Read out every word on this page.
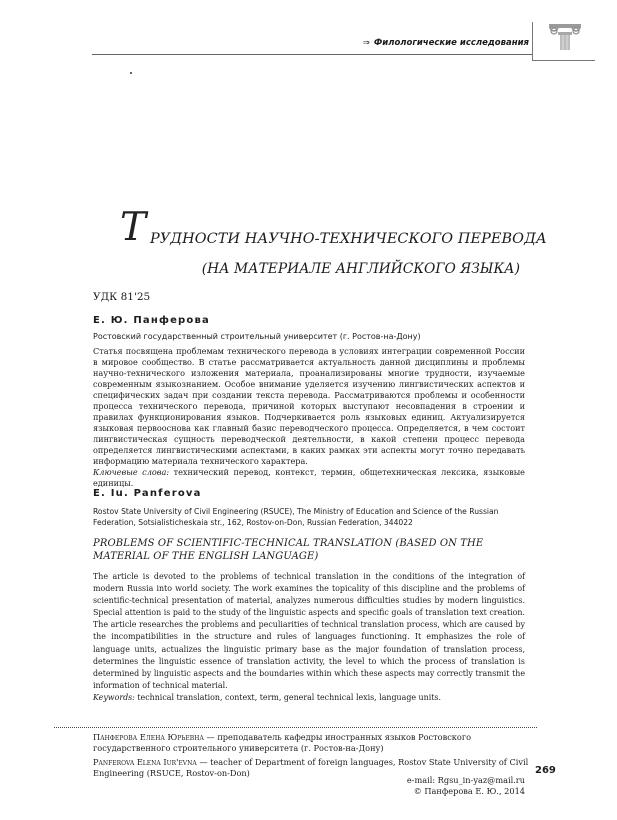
⇒ Филологические исследования
Т РУДНОСТИ НАУЧНО-ТЕХНИЧЕСКОГО ПЕРЕВОДА
(НА МАТЕРИАЛЕ АНГЛИЙСКОГО ЯЗЫКА)
УДК 81'25
Е. Ю. Панферова
Ростовский государственный строительный университет (г. Ростов-на-Дону)

Статья посвящена проблемам технического перевода в условиях интеграции современной России в мировое сообщество. В статье рассматривается актуальность данной дисциплины и проблемы научно-технического изложения материала, проанализированы многие трудности, изучаемые современным языкознанием. Особое внимание уделяется изучению лингвистических аспектов и специфических задач при создании текста перевода. Рассматриваются проблемы и особенности процесса технического перевода, причиной которых выступают несовпадения в строении и правилах функционирования языков. Подчеркивается роль языковых единиц. Актуализируется языковая первооснова как главный базис переводческого процесса. Определяется, в чем состоит лингвистическая сущность переводческой деятельности, в какой степени процесс перевода определяется лингвистическими аспектами, в каких рамках эти аспекты могут точно передавать информацию материала технического характера.

Ключевые слова: технический перевод, контекст, термин, общетехническая лексика, языковые единицы.

E. Iu. Panferova
Rostov State University of Civil Engineering (RSUCE), The Ministry of Education and Science of the Russian Federation, Sotsialisticheskaia str., 162, Rostov-on-Don, Russian Federation, 344022
PROBLEMS OF SCIENTIFIC-TECHNICAL TRANSLATION (BASED ON THE MATERIAL OF THE ENGLISH LANGUAGE)

The article is devoted to the problems of technical translation in the conditions of the integration of modern Russia into world society. The work examines the topicality of this discipline and the problems of scientific-technical presentation of material, analyzes numerous difficulties studies by modern linguistics. Special attention is paid to the study of the linguistic aspects and specific goals of translation text creation. The article researches the problems and peculiarities of technical translation process, which are caused by the incompatibilities in the structure and rules of languages functioning. It emphasizes the role of language units, actualizes the linguistic primary base as the major foundation of translation process, determines the linguistic essence of translation activity, the level to which the process of translation is determined by linguistic aspects and the boundaries within which these aspects may correctly transmit the information of technical material.

Keywords: technical translation, context, term, general technical lexis, language units.

Панферова Елена Юрьевна — преподаватель кафедры иностранных языков Ростовского государственного строительного университета (г. Ростов-на-Дону)

Panferova Elena Iur'evna — teacher of Department of foreign languages, Rostov State University of Civil Engineering (RSUCE, Rostov-on-Don)

e-mail: Rgsu_in-yaz@mail.ru
© Панферова Е. Ю., 2014
269
